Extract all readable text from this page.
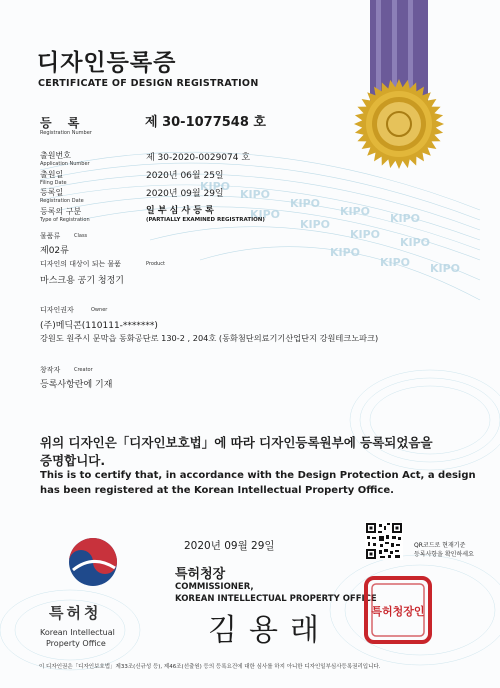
KIPO
KIPO
KIPO
KIPO
KIPO
KIPO
KIPO
KIPO
KIPO
KIPO
KIPO KIPO
디자인등록증
CERTIFICATE OF DESIGN REGISTRATION
등 록
Registration Number
제 30-1077548 호
출원번호
Application Number
제 30-2020-0029074 호
출원일
Filing Date
2020년 06월 25일
등록일
Registration Date
2020년 09월 29일
등록의 구분
Type of Registration
일 부 심 사 등 록
(PARTIALLY EXAMINED REGISTRATION)
물품류	Class
제02류
디자인의 대상이 되는 물품	Product
마스크용 공기 청정기
디자인권자	Owner
(주)메딕콘(110111-*******)
강원도 원주시 문막읍 동화공단로 130-2 , 204호 (동화첨단의료기기산업단지 강원테크노파크)
창작자	Creator
등록사항란에 기재
위의 디자인은「디자인보호법」에 따라 디자인등록원부에 등록되었음을
증명합니다.
This is to certify that, in accordance with the Design Protection Act, a design
has been registered at the Korean Intellectual Property Office.
2020년 09월 29일
특허청장
COMMISSIONER,
KOREAN INTELLECTUAL PROPERTY OFFICE
김용래
QR코드로 현재기준
등록사항을 확인하세요
특허청장인
특허청
Korean Intellectual
Property Office
이 디자인권은「디자인보호법」제33조(신규성 등), 제46조(선출원) 등의 등록요건에 대한 심사를 하지 아니한 디자인일부심사등록권리입니다.
